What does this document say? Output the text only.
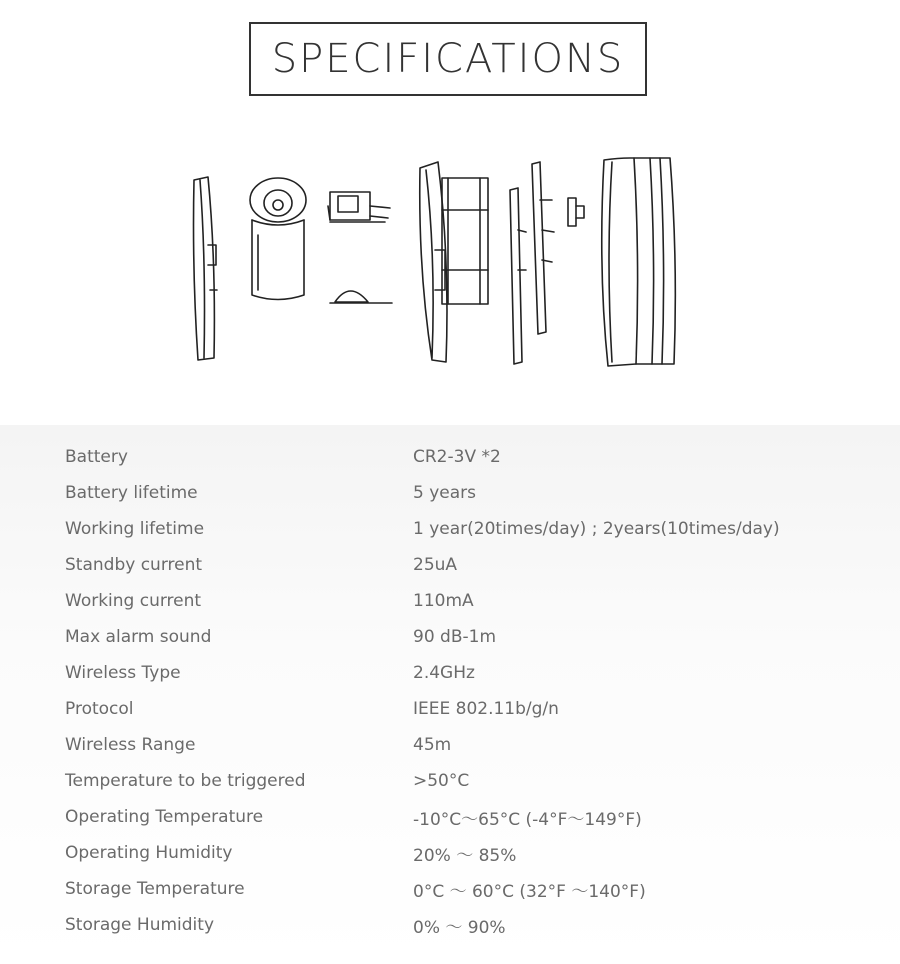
SPECIFICATIONS
Battery	CR2-3V *2
Battery lifetime	5 years
Working lifetime	1 year(20times/day) ; 2years(10times/day)
Standby current	25uA
Working current	110mA
Max alarm sound	90 dB-1m
Wireless Type	2.4GHz
Protocol	IEEE 802.11b/g/n
Wireless Range	45m
Temperature to be triggered	>50°C
Operating Temperature	-10°C～65°C (-4°F～149°F)
Operating Humidity	20% ～ 85%
Storage Temperature	0°C ～ 60°C (32°F ～140°F)
Storage Humidity	0% ～ 90%
